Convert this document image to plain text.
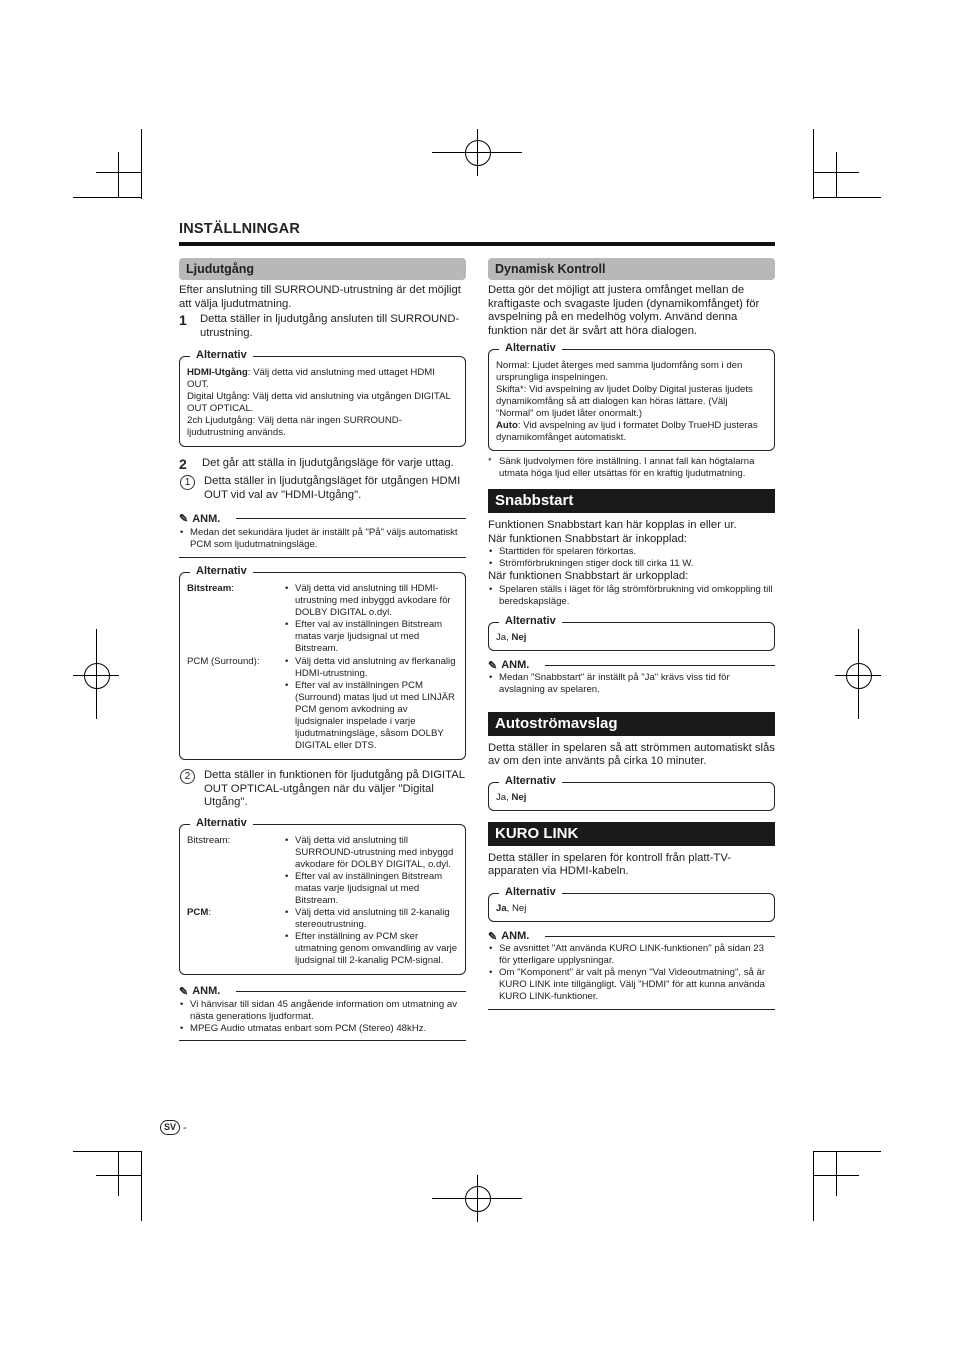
INSTÄLLNINGAR
Ljudutgång

Efter anslutning till SURROUND-utrustning är det möjligt att välja ljudutmatning.

1	Detta ställer in ljudutgång ansluten till SURROUND-utrustning.
Alternativ

HDMI-Utgång: Välj detta vid anslutning med uttaget HDMI OUT.

Digital Utgång: Välj detta vid anslutning via utgången DIGITAL OUT OPTICAL.

2ch Ljudutgång: Välj detta när ingen SURROUND-ljudutrustning används.

2	Det går att ställa in ljudutgångsläge för varje uttag.
1	Detta ställer in ljudutgångsläget för utgången HDMI OUT vid val av "HDMI-Utgång".
✎ ANM.
• Medan det sekundära ljudet är inställt på "På" väljs automatiskt PCM som ljudutmatningsläge.
Alternativ
Bitstream:	• Välj detta vid anslutning till HDMI-utrustning med inbyggd avkodare för DOLBY DIGITAL o.dyl.
• Efter val av inställningen Bitstream matas varje ljudsignal ut med Bitstream.
PCM (Surround):	• Välj detta vid anslutning av flerkanalig HDMI-utrustning.
• Efter val av inställningen PCM (Surround) matas ljud ut med LINJÄR PCM genom avkodning av ljudsignaler inspelade i varje ljudutmatningsläge, såsom DOLBY DIGITAL eller DTS.
2	Detta ställer in funktionen för ljudutgång på DIGITAL OUT OPTICAL-utgången när du väljer "Digital Utgång".
Alternativ
Bitstream:	• Välj detta vid anslutning till SURROUND-utrustning med inbyggd avkodare för DOLBY DIGITAL, o.dyl.
• Efter val av inställningen Bitstream matas varje ljudsignal ut med Bitstream.
PCM:	• Välj detta vid anslutning till 2-kanalig stereoutrustning.
• Efter inställning av PCM sker utmatning genom omvandling av varje ljudsignal till 2-kanalig PCM-signal.
✎ ANM.
• Vi hänvisar till sidan 45 angående information om utmatning av nästa generations ljudformat.
• MPEG Audio utmatas enbart som PCM (Stereo) 48kHz.
Dynamisk Kontroll

Detta gör det möjligt att justera omfånget mellan de kraftigaste och svagaste ljuden (dynamikomfånget) för avspelning på en medelhög volym. Använd denna funktion när det är svårt att höra dialogen.

Alternativ

Normal: Ljudet återges med samma ljudomfång som i den ursprungliga inspelningen.

Skifta*: Vid avspelning av ljudet Dolby Digital justeras ljudets dynamikomfång så att dialogen kan höras lättare. (Välj “Normal” om ljudet låter onormalt.)

Auto: Vid avspelning av ljud i formatet Dolby TrueHD justeras dynamikomfånget automatiskt.

* Sänk ljudvolymen före inställning. I annat fall kan högtalarna utmata höga ljud eller utsättas för en kraftig ljudutmatning.
Snabbstart

Funktionen Snabbstart kan här kopplas in eller ur.

När funktionen Snabbstart är inkopplad:

• Starttiden för spelaren förkortas.
• Strömförbrukningen stiger dock till cirka 11 W.

När funktionen Snabbstart är urkopplad:

• Spelaren ställs i läget för låg strömförbrukning vid omkoppling till beredskapsläge.
Alternativ

Ja, Nej

✎ ANM.
• Medan "Snabbstart" är inställt på "Ja" krävs viss tid för avslagning av spelaren.
Autoströmavslag

Detta ställer in spelaren så att strömmen automatiskt slås av om den inte använts på cirka 10 minuter.

Alternativ

Ja, Nej

KURO LINK

Detta ställer in spelaren för kontroll från platt-TV-apparaten via HDMI-kabeln.

Alternativ

Ja, Nej

✎ ANM.
• Se avsnittet "Att använda KURO LINK-funktionen" på sidan 23 för ytterligare upplysningar.
• Om "Komponent" är valt på menyn "Val Videoutmatning", så är KURO LINK inte tillgängligt. Välj "HDMI" för att kunna använda KURO LINK-funktioner.
SV -
